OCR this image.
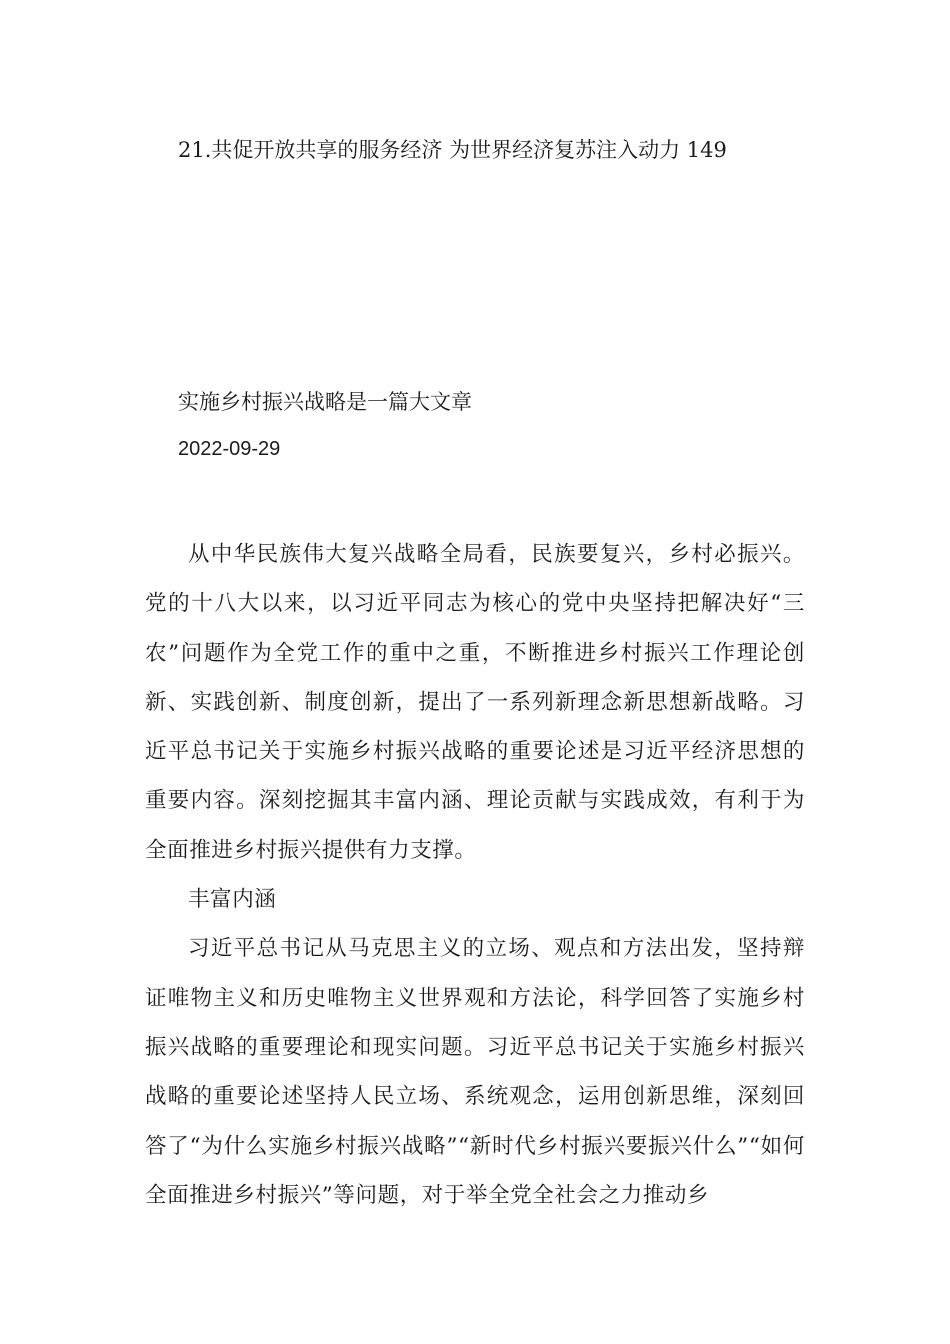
21.共促开放共享的服务经济 为世界经济复苏注入动力 149
实施乡村振兴战略是一篇大文章
2022-09-29

从中华民族伟大复兴战略全局看，民族要复兴，乡村必振兴。党的十八大以来，以习近平同志为核心的党中央坚持把解决好“三农”问题作为全党工作的重中之重，不断推进乡村振兴工作理论创新、实践创新、制度创新，提出了一系列新理念新思想新战略。习近平总书记关于实施乡村振兴战略的重要论述是习近平经济思想的重要内容。深刻挖掘其丰富内涵、理论贡献与实践成效，有利于为全面推进乡村振兴提供有力支撑。

丰富内涵

习近平总书记从马克思主义的立场、观点和方法出发，坚持辩证唯物主义和历史唯物主义世界观和方法论，科学回答了实施乡村振兴战略的重要理论和现实问题。习近平总书记关于实施乡村振兴战略的重要论述坚持人民立场、系统观念，运用创新思维，深刻回答了“为什么实施乡村振兴战略”“新时代乡村振兴要振兴什么”“如何全面推进乡村振兴”等问题，对于举全党全社会之力推动乡
